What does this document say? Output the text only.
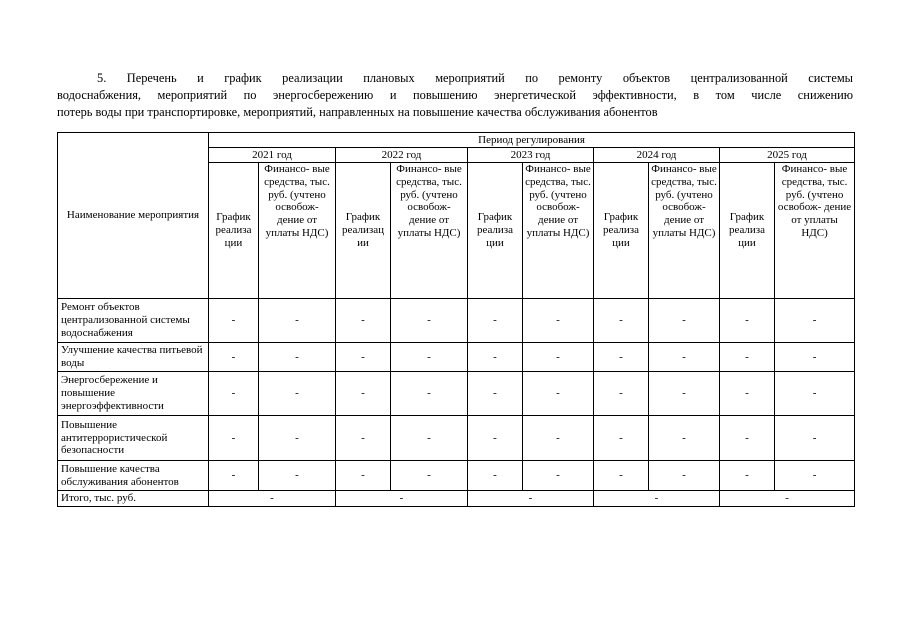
5. Перечень и график реализации плановых мероприятий по ремонту объектов централизованной системы
водоснабжения, мероприятий по энергосбережению и повышению энергетической эффективности, в том числе снижению
потерь воды при транспортировке, мероприятий, направленных на повышение качества обслуживания абонентов

Наименование мероприятия	Период регулирования									
	2021 год		2022 год		2023 год		2024 год		2025 год	
	График реализа ции	Финансо- вые средства, тыс. руб. (учтено освобож- дение от уплаты НДС)	График реализац ии	Финансо- вые средства, тыс. руб. (учтено освобож- дение от уплаты НДС)	График реализа ции	Финансо- вые средства, тыс. руб. (учтено освобож- дение от уплаты НДС)	График реализа ции	Финансо- вые средства, тыс. руб. (учтено освобож- дение от уплаты НДС)	График реализа ции	Финансо- вые средства, тыс. руб. (учтено освобож- дение от уплаты НДС)
Ремонт объектов централизованной системы водоснабжения	-	-	-	-	-	-	-	-	-	-
Улучшение качества питьевой воды	-	-	-	-	-	-	-	-	-	-
Энергосбережение и повышение энергоэффективности	-	-	-	-	-	-	-	-	-	-
Повышение антитеррористической безопасности	-	-	-	-	-	-	-	-	-	-
Повышение качества обслуживания абонентов	-	-	-	-	-	-	-	-	-	-
Итого, тыс. руб.	-		-		-		-		-	
